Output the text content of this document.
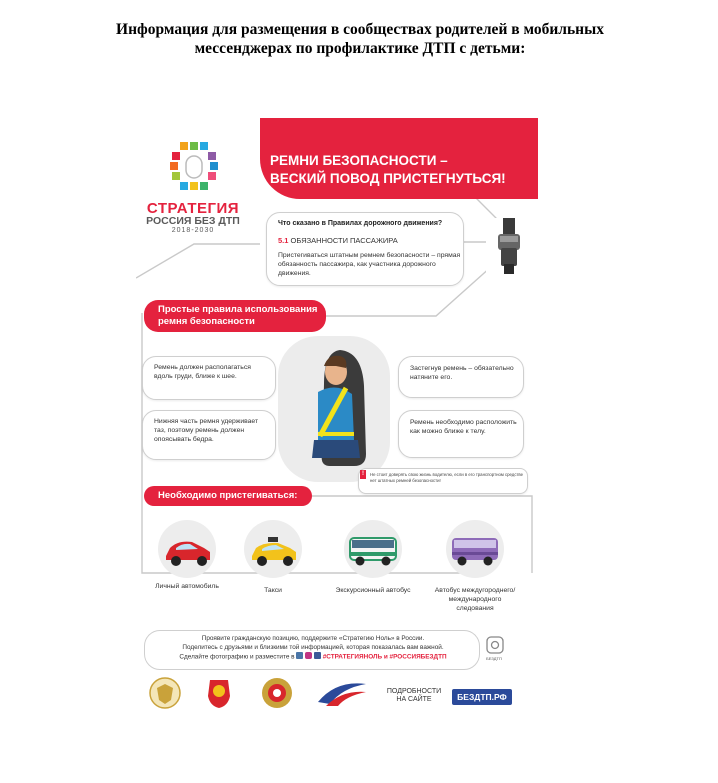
Информация для размещения в сообществах родителей в мобильных
мессенджерах по профилактике ДТП с детьми:
СТРАТЕГИЯ
РОССИЯ БЕЗ ДТП
2018-2030
РЕМНИ БЕЗОПАСНОСТИ –
ВЕСКИЙ ПОВОД ПРИСТЕГНУТЬСЯ!
Что сказано в Правилах дорожного движения?
5.1 ОБЯЗАННОСТИ ПАССАЖИРА
Пристегиваться штатным ремнем безопасности – прямая обязанность пассажира, как участника дорожного движения.
Простые правила использования
ремня безопасности
Ремень должен располагаться вдоль груди, ближе к шее.
Нижняя часть ремня удерживает таз, поэтому ремень должен опоясывать бедра.
Застегнув ремень – обязательно натяните его.
Ремень необходимо расположить как можно ближе к телу.
!	Не стоит доверять свою жизнь водителю, если в его транспортном средстве нет штатных ремней безопасности!
Необходимо пристегиваться:
Личный автомобиль
Такси	Экскурсионный автобус	Автобус междугороднего/ международного следования
Проявите гражданскую позицию, поддержите «Стратегию Ноль» в России.
Поделитесь с друзьями и близкими той информацией, которая показалась вам важной.
Сделайте фотографию и разместите в	#СТРАТЕГИЯНОЛЬ и #РОССИЯБЕЗДТП	БЕЗДТП
ПОДРОБНОСТИ НА САЙТЕ	БЕЗДТП.РФ
